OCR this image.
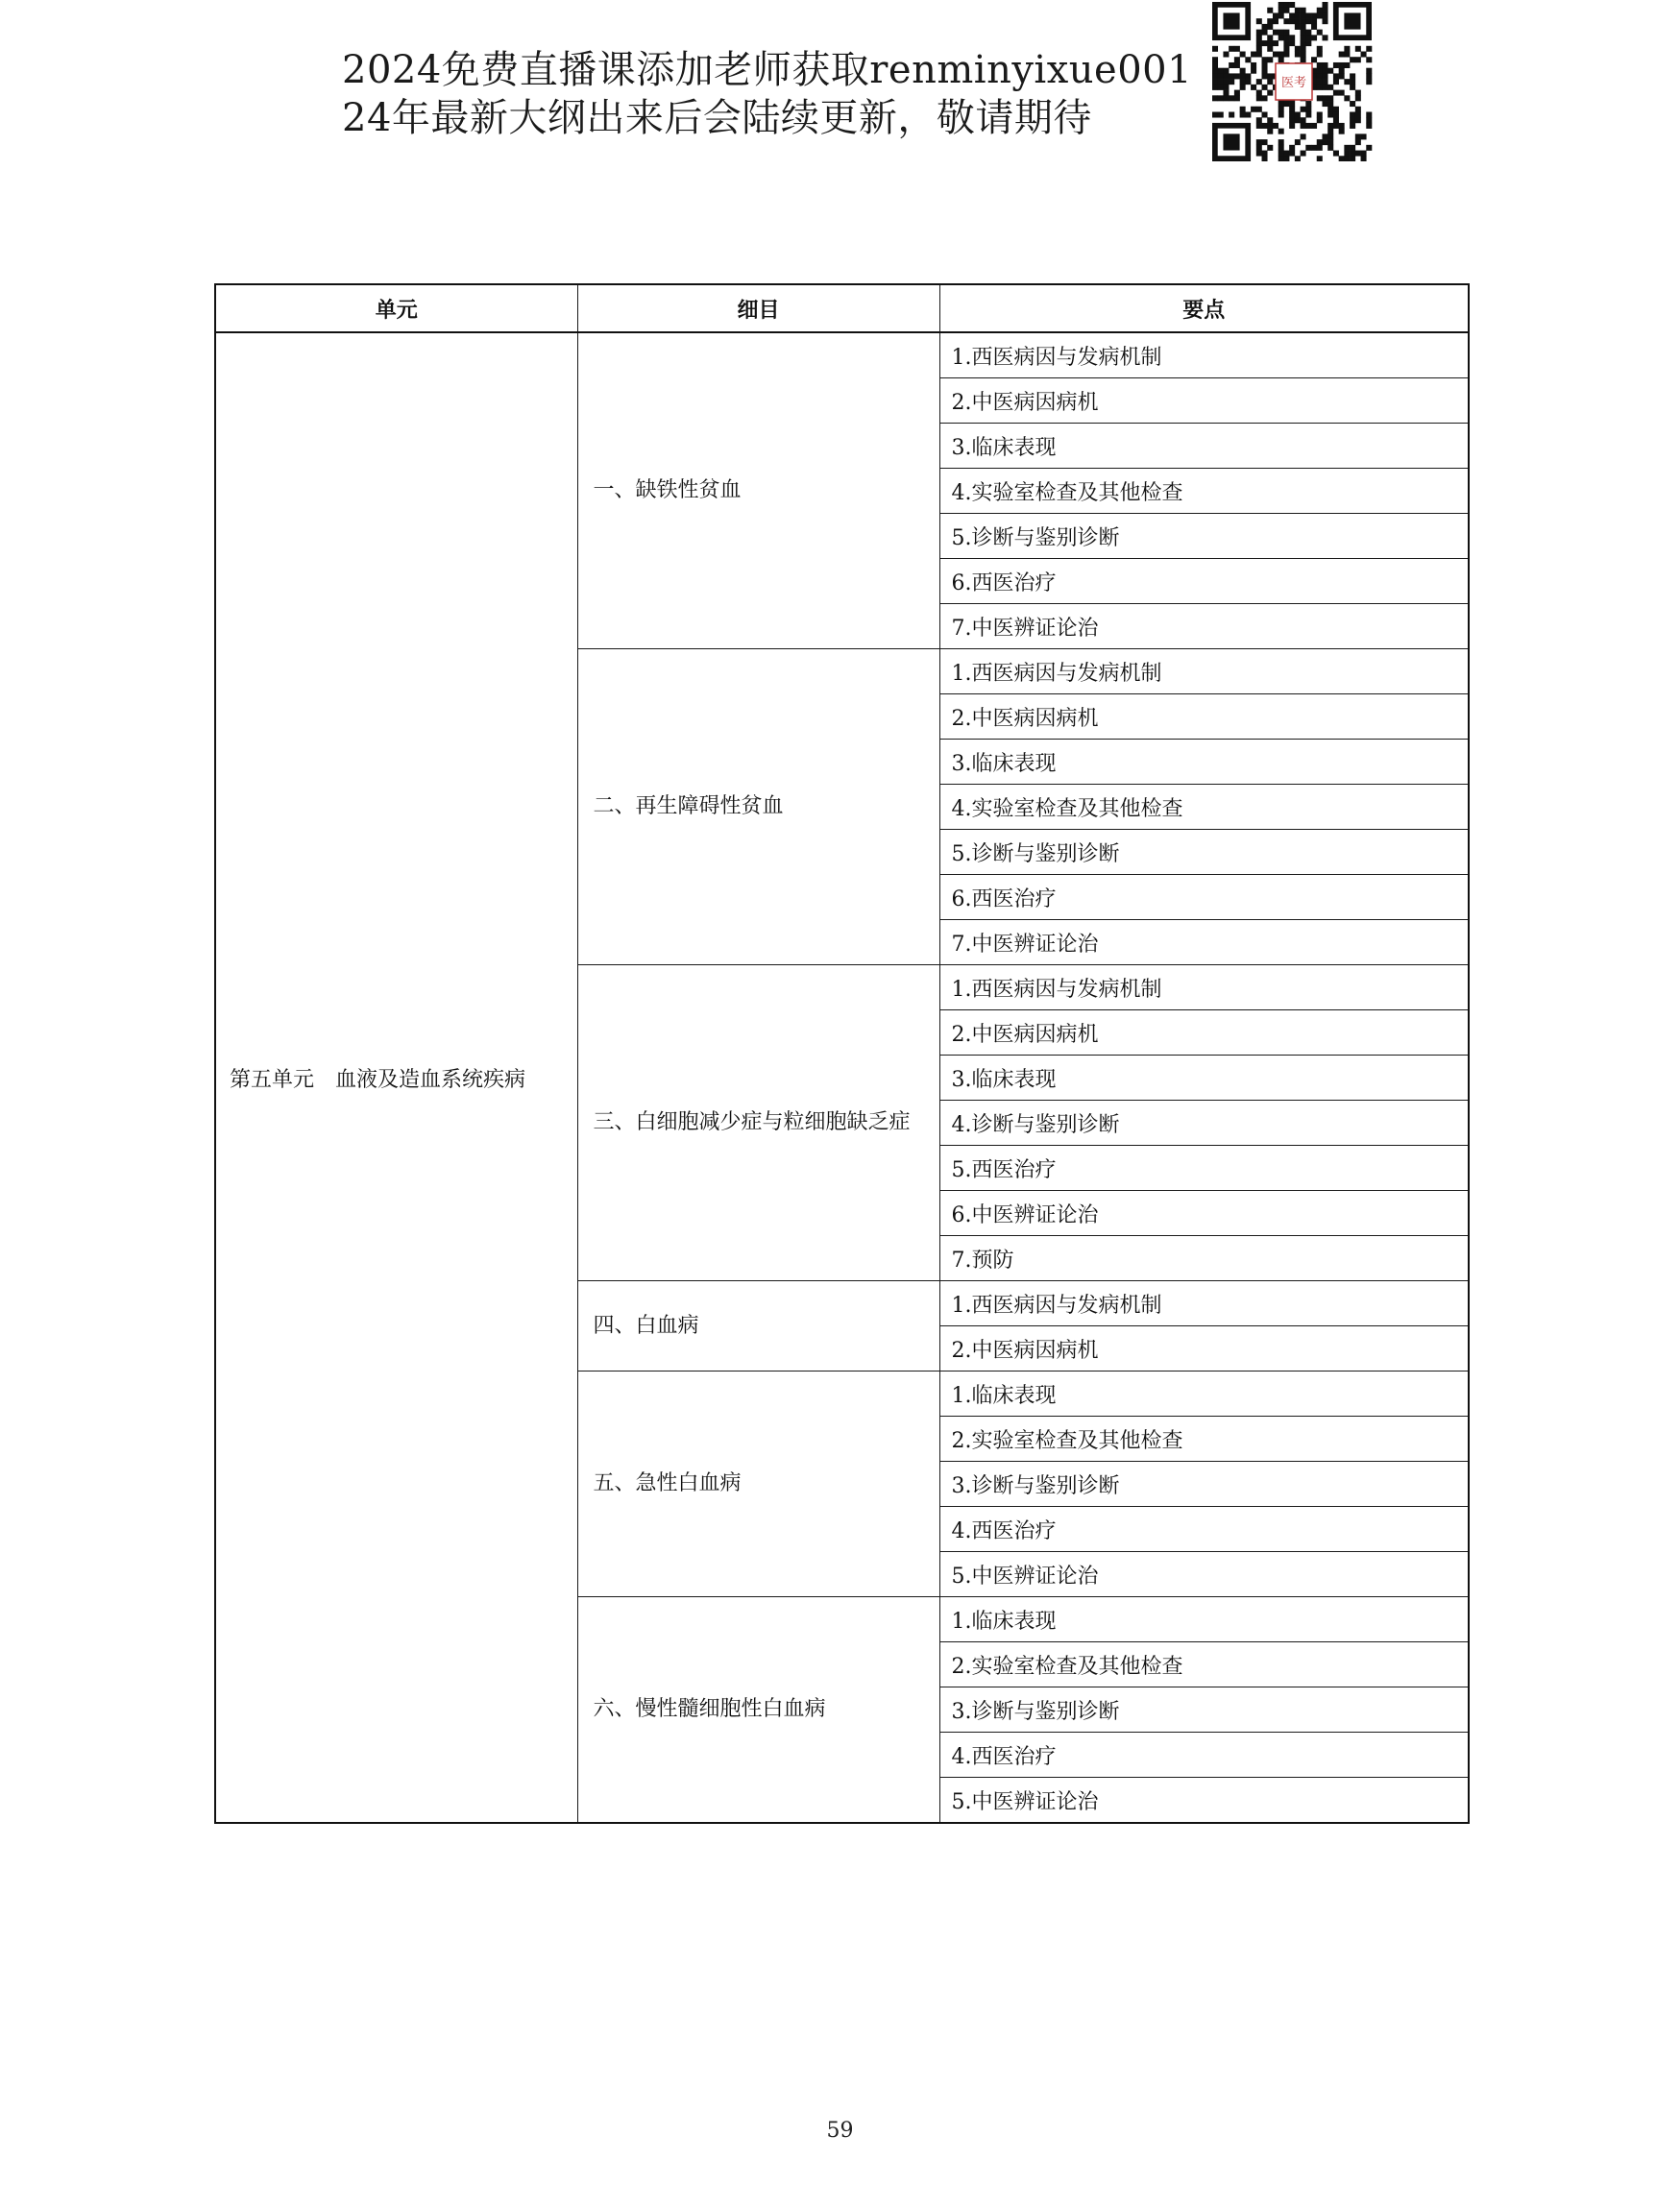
2024免费直播课添加老师获取renminyixue001
24年最新大纲出来后会陆续更新，敬请期待
医考
单元	细目	要点
第五单元　血液及造血系统疾病	一、缺铁性贫血	1.西医病因与发病机制
		2.中医病因病机
		3.临床表现
		4.实验室检查及其他检查
		5.诊断与鉴别诊断
		6.西医治疗
		7.中医辨证论治
	二、再生障碍性贫血	1.西医病因与发病机制
		2.中医病因病机
		3.临床表现
		4.实验室检查及其他检查
		5.诊断与鉴别诊断
		6.西医治疗
		7.中医辨证论治
	三、白细胞减少症与粒细胞缺乏症	1.西医病因与发病机制
		2.中医病因病机
		3.临床表现
		4.诊断与鉴别诊断
		5.西医治疗
		6.中医辨证论治
		7.预防
	四、白血病	1.西医病因与发病机制
		2.中医病因病机
	五、急性白血病	1.临床表现
		2.实验室检查及其他检查
		3.诊断与鉴别诊断
		4.西医治疗
		5.中医辨证论治
	六、慢性髓细胞性白血病	1.临床表现
		2.实验室检查及其他检查
		3.诊断与鉴别诊断
		4.西医治疗
		5.中医辨证论治
59
